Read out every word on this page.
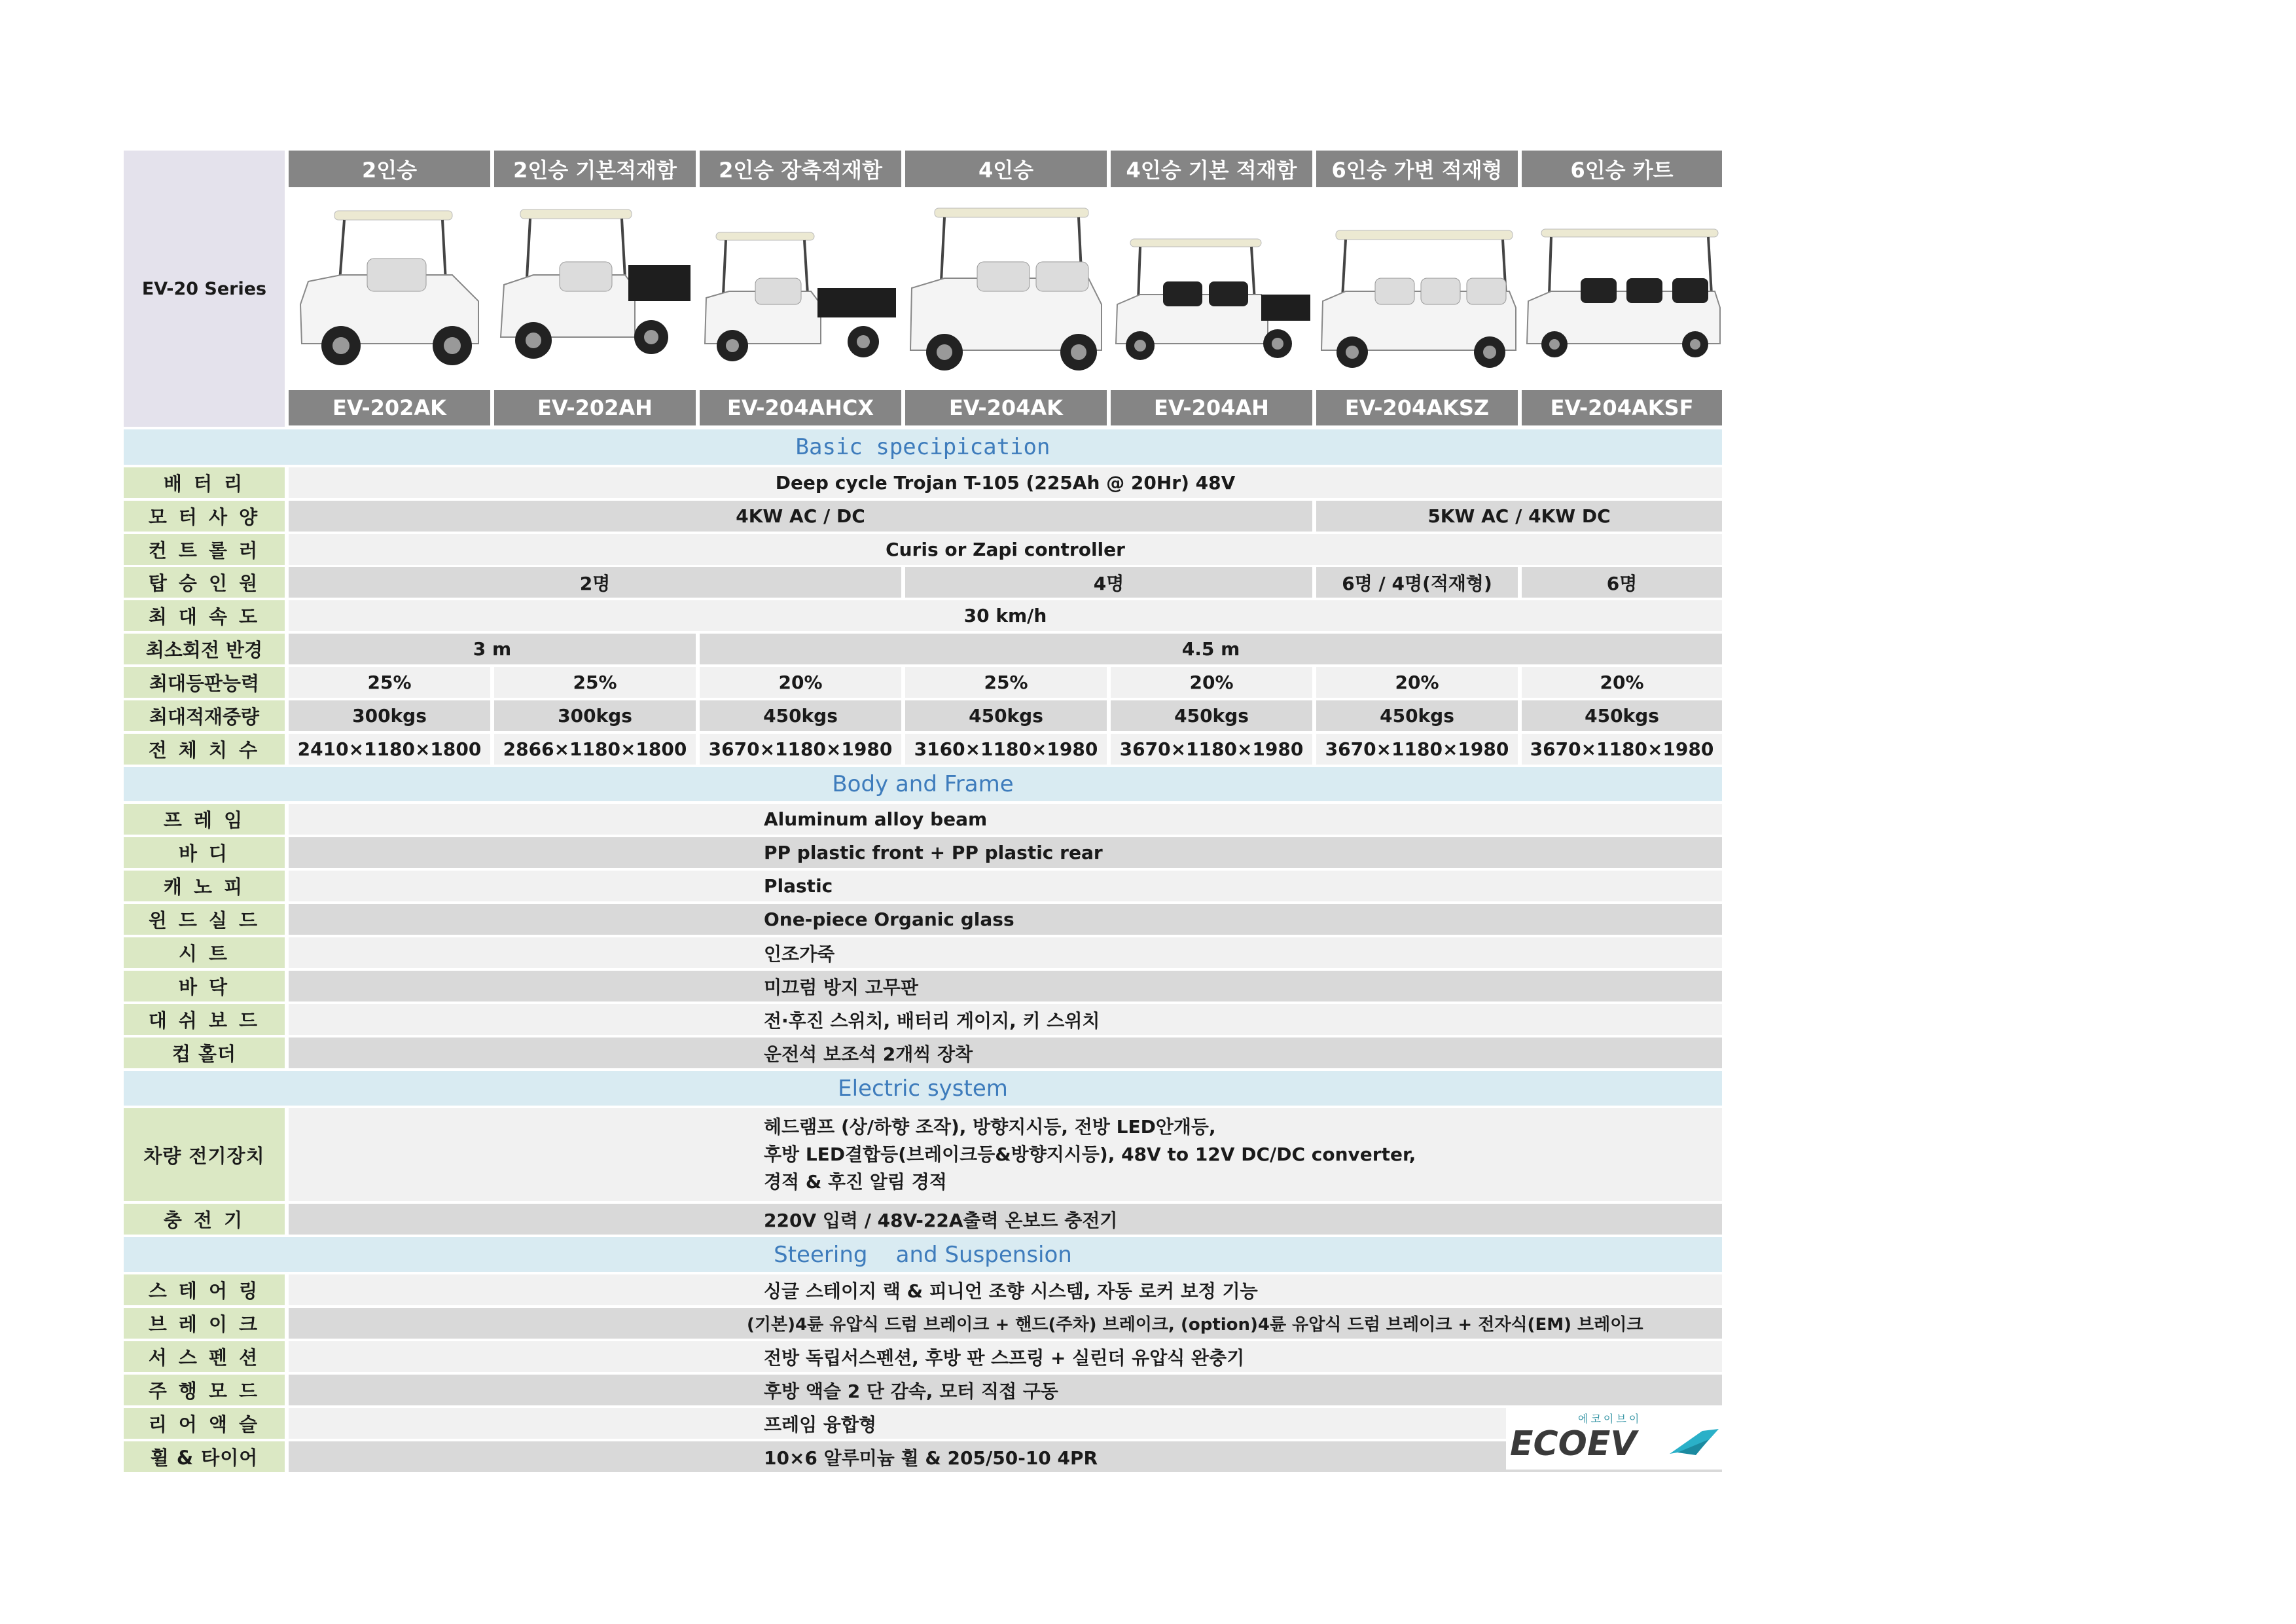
EV-20 Series
2인승	2인승 기본적재함	2인승 장축적재함	4인승	4인승 기본 적재함	6인승 가변 적재형	6인승 카트
EV-202AK	EV-202AH	EV-204AHCX	EV-204AK	EV-204AH	EV-204AKSZ	EV-204AKSF
Basic specipication
배 터 리	Deep cycle Trojan T-105 (225Ah @ 20Hr) 48V
모 터 사 양	4KW AC / DC	5KW AC / 4KW DC
컨 트 롤 러	Curis or Zapi controller
탑 승 인 원	2명	4명	6명 / 4명(적재형)	6명
최 대 속 도	30 km/h
최소회전 반경	3 m	4.5 m
최대등판능력	25%	25%	20%	25%	20%	20%	20%
최대적재중량	300kgs	300kgs	450kgs	450kgs	450kgs	450kgs	450kgs
전 체 치 수	2410×1180×1800	2866×1180×1800	3670×1180×1980	3160×1180×1980	3670×1180×1980	3670×1180×1980	3670×1180×1980
Body and Frame
프 레 임	Aluminum alloy beam
바 디	PP plastic front + PP plastic rear
캐 노 피	Plastic
윈 드 실 드	One-piece Organic glass
시 트	인조가죽
바 닥	미끄럼 방지 고무판
대 쉬 보 드	전·후진 스위치, 배터리 게이지, 키 스위치
컵 홀더	운전석 보조석 2개씩 장착
Electric system
차량 전기장치
헤드램프 (상/하향 조작), 방향지시등, 전방 LED안개등,
후방 LED결합등(브레이크등&방향지시등), 48V to 12V DC/DC converter,
경적 & 후진 알림 경적
충 전 기	220V 입력 / 48V-22A출력 온보드 충전기
Steering    and Suspension
스 테 어 링	싱글 스테이지 랙 & 피니언 조향 시스템, 자동 로커 보정 기능
브 레 이 크	(기본)4륜 유압식 드럼 브레이크 + 핸드(주차) 브레이크, (option)4륜 유압식 드럼 브레이크 + 전자식(EM) 브레이크
서 스 펜 션	전방 독립서스펜션, 후방 판 스프링 + 실린더 유압식 완충기
주 행 모 드	후방 액슬 2 단 감속, 모터 직접 구동
리 어 액 슬	프레임 융합형
휠 & 타이어	10×6 알루미늄 휠 & 205/50-10 4PR
에코이브이
ECOEV
